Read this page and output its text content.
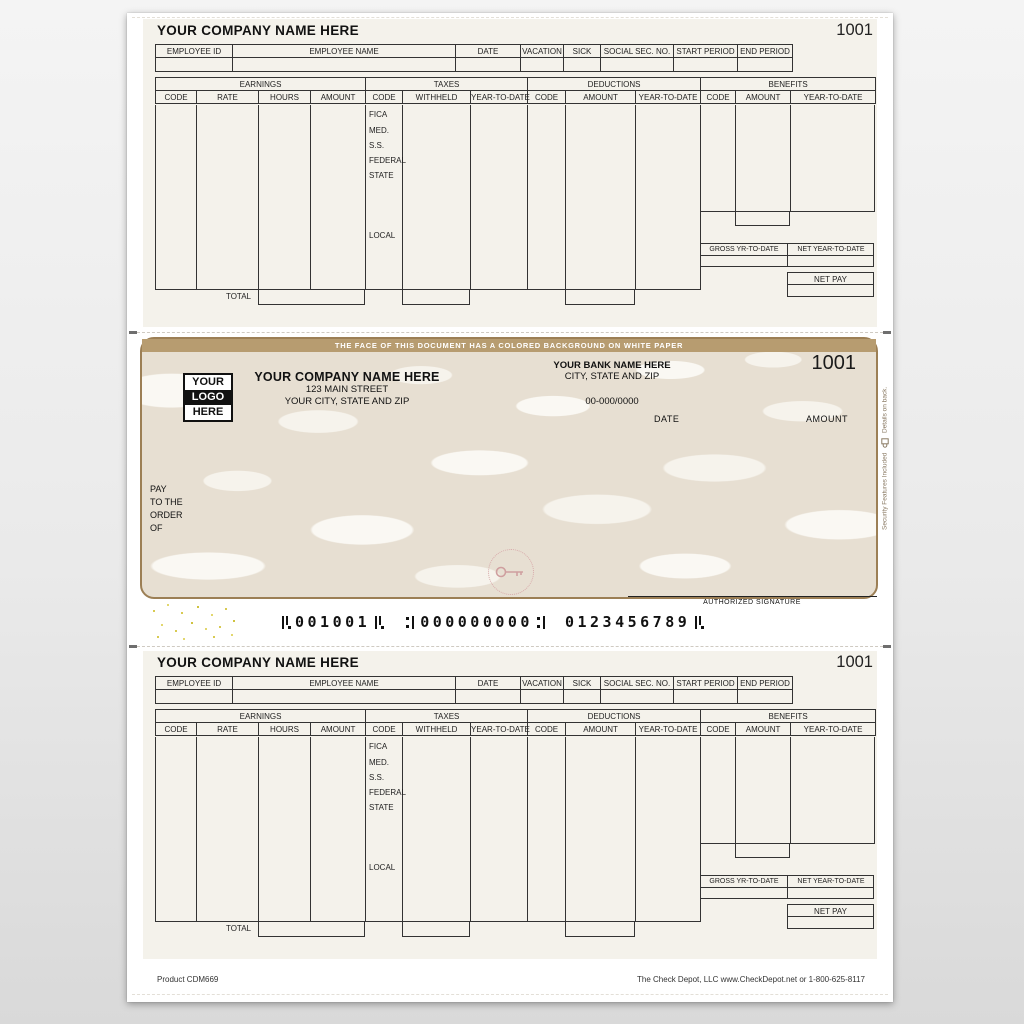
YOUR COMPANY NAME HERE	1001
EMPLOYEE ID	EMPLOYEE NAME	DATE	VACATION	SICK	SOCIAL SEC. NO.	START PERIOD	END PERIOD

EARNINGS				TAXES			DEDUCTIONS			BENEFITS		
CODE	RATE	HOURS	AMOUNT	CODE	WITHHELD	YEAR-TO-DATE	CODE	AMOUNT	YEAR-TO-DATE	CODE	AMOUNT	YEAR-TO-DATE
FICA
MED.
S.S.
FEDERAL
STATE
LOCAL
GROSS YR-TO-DATE	NET YEAR-TO-DATE
NET PAY
TOTAL
THE FACE OF THIS DOCUMENT HAS A COLORED BACKGROUND ON WHITE PAPER
1001
YOUR
LOGO
HERE
YOUR COMPANY NAME HERE
123 MAIN STREET
YOUR CITY, STATE AND ZIP
YOUR BANK NAME HERE
CITY, STATE AND ZIP
00-000/0000
DATE	AMOUNT
PAY
TO THE
ORDER
OF
AUTHORIZED SIGNATURE
Security Features Included
Details on back.
001001	000000000 0123456789
YOUR COMPANY NAME HERE	1001
EMPLOYEE ID	EMPLOYEE NAME	DATE	VACATION	SICK	SOCIAL SEC. NO.	START PERIOD	END PERIOD

EARNINGS				TAXES			DEDUCTIONS			BENEFITS		
CODE	RATE	HOURS	AMOUNT	CODE	WITHHELD	YEAR-TO-DATE	CODE	AMOUNT	YEAR-TO-DATE	CODE	AMOUNT	YEAR-TO-DATE
FICA
MED.
S.S.
FEDERAL
STATE
LOCAL
GROSS YR-TO-DATE	NET YEAR-TO-DATE
NET PAY
TOTAL
Product CDM669	The Check Depot, LLC www.CheckDepot.net or 1-800-625-8117
